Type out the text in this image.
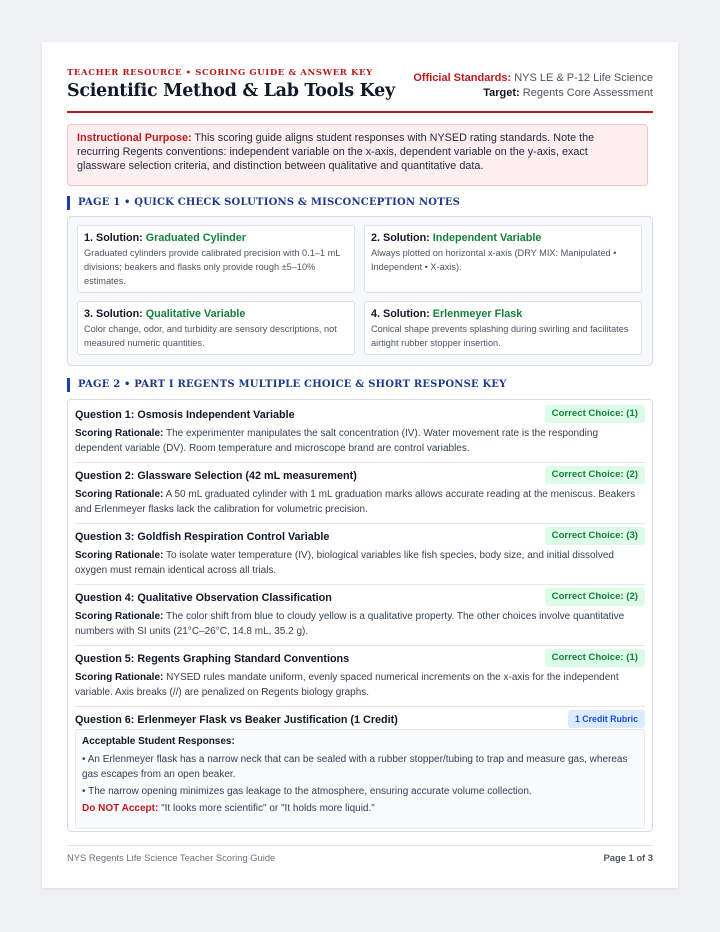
TEACHER RESOURCE • SCORING GUIDE & ANSWER KEY
Scientific Method & Lab Tools Key
Official Standards: NYS LE & P-12 Life Science
Target: Regents Core Assessment
Instructional Purpose: This scoring guide aligns student responses with NYSED rating standards. Note the recurring Regents conventions: independent variable on the x-axis, dependent variable on the y-axis, exact glassware selection criteria, and distinction between qualitative and quantitative data.
PAGE 1 • QUICK CHECK SOLUTIONS & MISCONCEPTION NOTES
1. Solution: Graduated Cylinder
Graduated cylinders provide calibrated precision with 0.1–1 mL divisions; beakers and flasks only provide rough ±5–10% estimates.
2. Solution: Independent Variable
Always plotted on horizontal x-axis (DRY MIX: Manipulated • Independent • X-axis).
3. Solution: Qualitative Variable
Color change, odor, and turbidity are sensory descriptions, not measured numeric quantities.
4. Solution: Erlenmeyer Flask
Conical shape prevents splashing during swirling and facilitates airtight rubber stopper insertion.
PAGE 2 • PART I REGENTS MULTIPLE CHOICE & SHORT RESPONSE KEY
Question 1: Osmosis Independent Variable	Correct Choice: (1)
Scoring Rationale: The experimenter manipulates the salt concentration (IV). Water movement rate is the responding dependent variable (DV). Room temperature and microscope brand are control variables.
Question 2: Glassware Selection (42 mL measurement)	Correct Choice: (2)
Scoring Rationale: A 50 mL graduated cylinder with 1 mL graduation marks allows accurate reading at the meniscus. Beakers and Erlenmeyer flasks lack the calibration for volumetric precision.
Question 3: Goldfish Respiration Control Variable	Correct Choice: (3)
Scoring Rationale: To isolate water temperature (IV), biological variables like fish species, body size, and initial dissolved oxygen must remain identical across all trials.
Question 4: Qualitative Observation Classification	Correct Choice: (2)
Scoring Rationale: The color shift from blue to cloudy yellow is a qualitative property. The other choices involve quantitative numbers with SI units (21°C–26°C, 14.8 mL, 35.2 g).
Question 5: Regents Graphing Standard Conventions	Correct Choice: (1)
Scoring Rationale: NYSED rules mandate uniform, evenly spaced numerical increments on the x-axis for the independent variable. Axis breaks (//) are penalized on Regents biology graphs.
Question 6: Erlenmeyer Flask vs Beaker Justification (1 Credit)	1 Credit Rubric
Acceptable Student Responses:
• An Erlenmeyer flask has a narrow neck that can be sealed with a rubber stopper/tubing to trap and measure gas, whereas gas escapes from an open beaker.
• The narrow opening minimizes gas leakage to the atmosphere, ensuring accurate volume collection.
Do NOT Accept: "It looks more scientific" or "It holds more liquid."
NYS Regents Life Science Teacher Scoring Guide	Page 1 of 3
